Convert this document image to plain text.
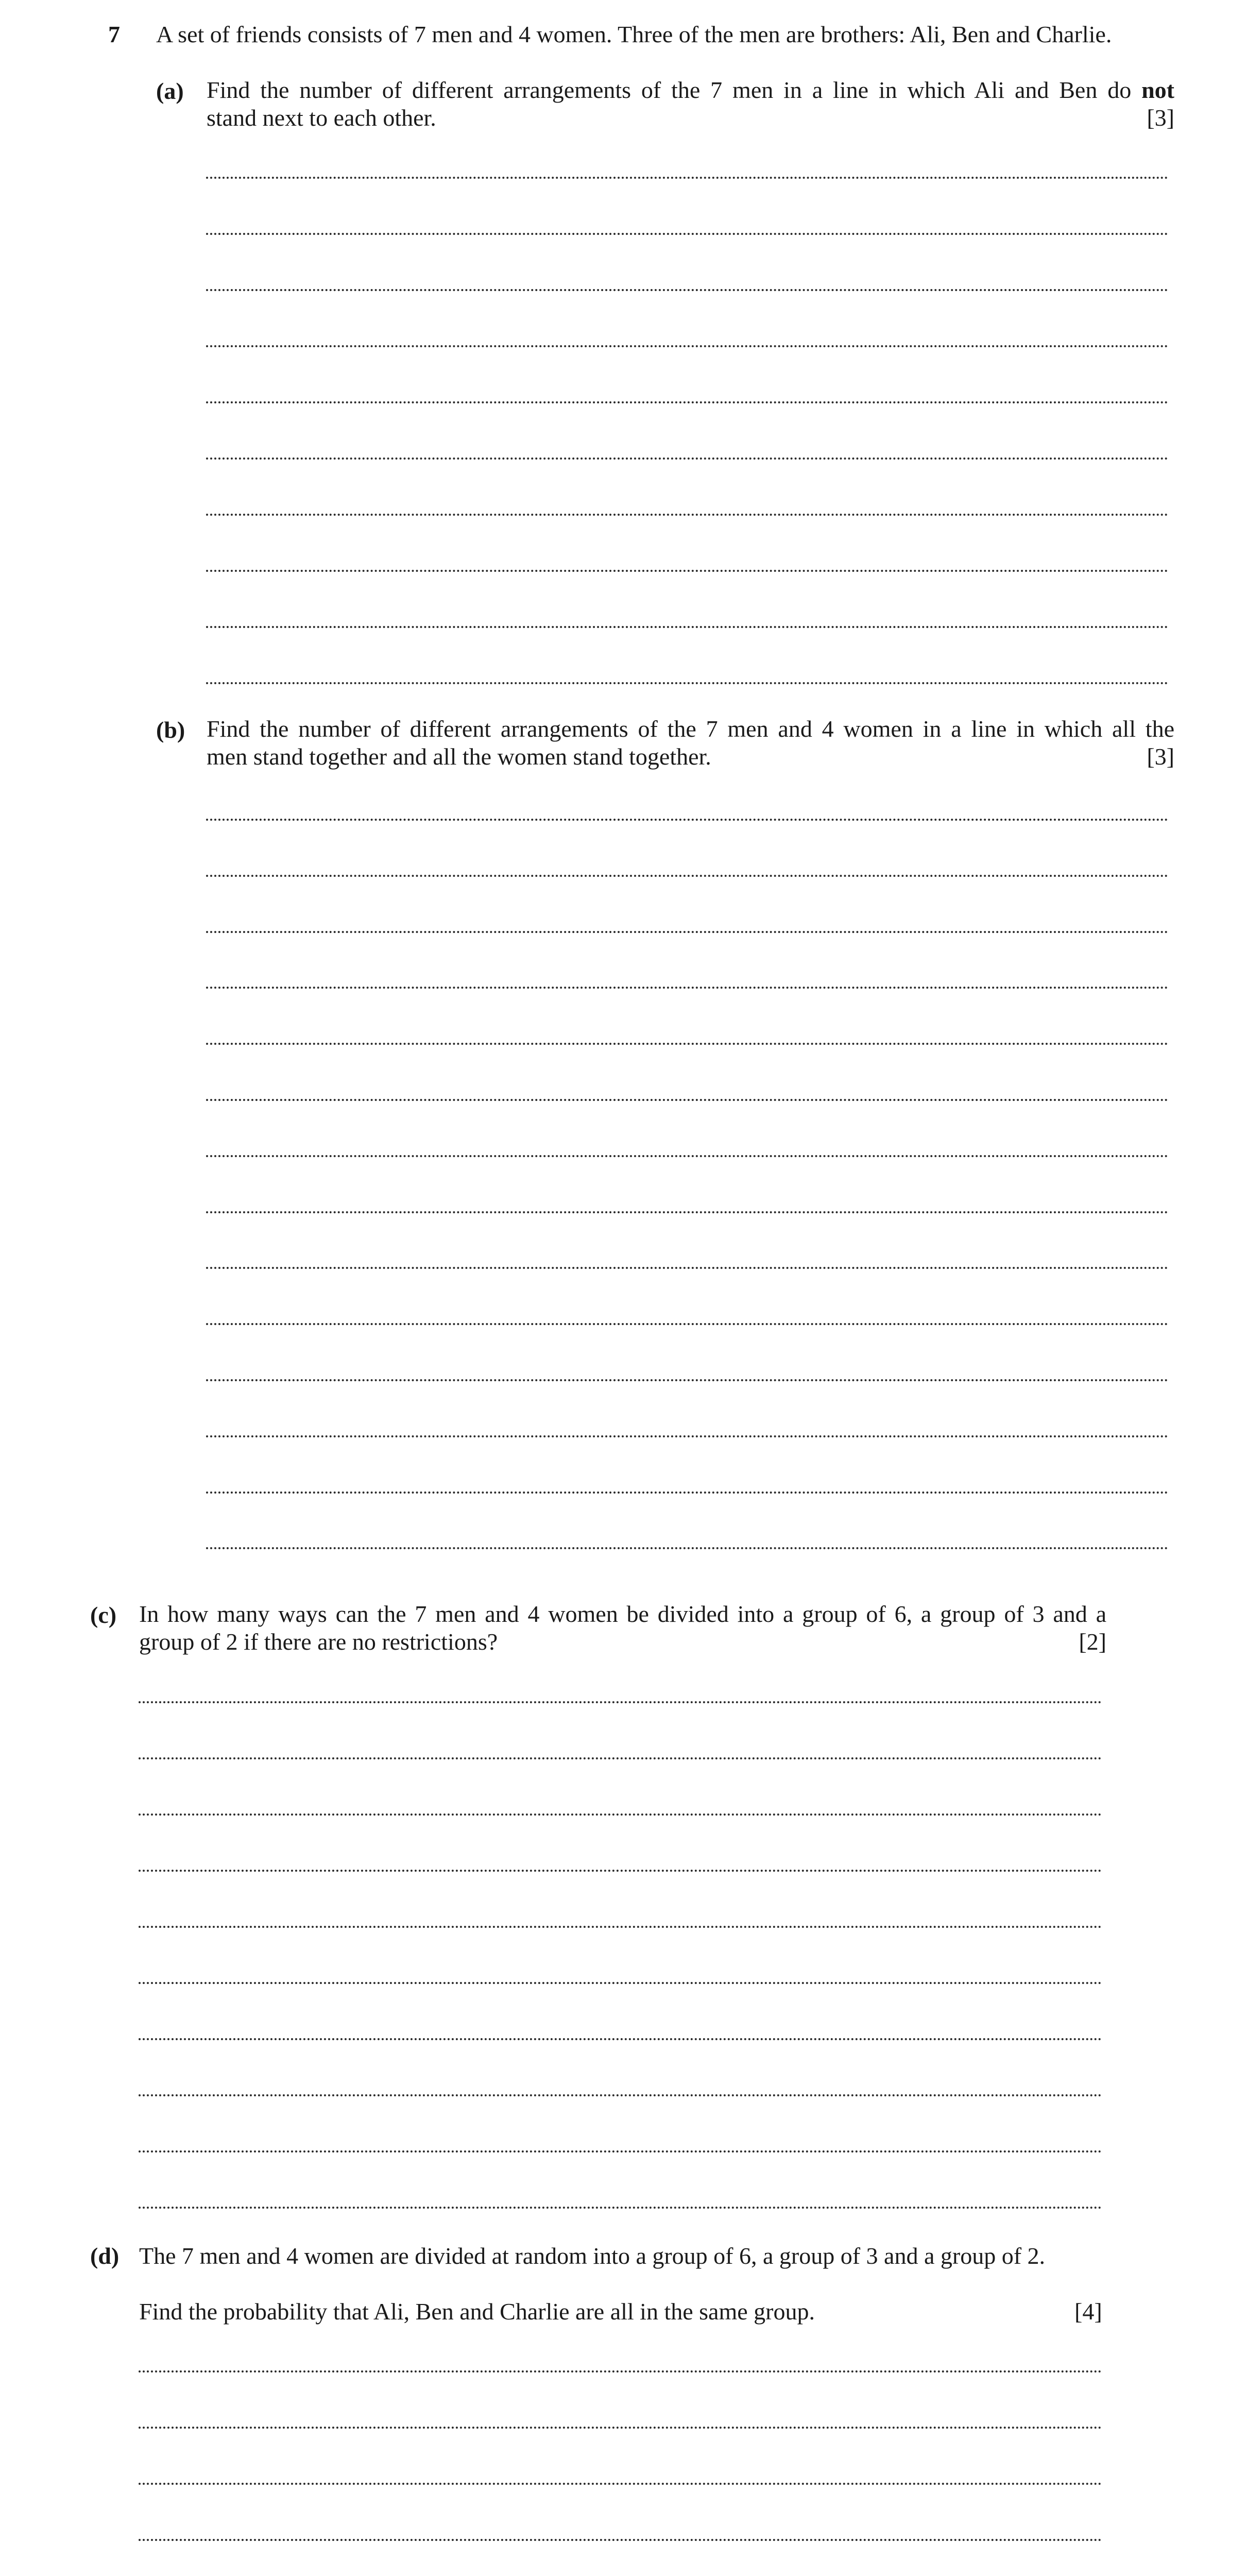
7 A set of friends consists of 7 men and 4 women. Three of the men are brothers: Ali, Ben and Charlie.
(a) Find the number of different arrangements of the 7 men in a line in which Ali and Ben do not
stand next to each other.	[3]
(b) Find the number of different arrangements of the 7 men and 4 women in a line in which all the
men stand together and all the women stand together.	[3]
(c) In how many ways can the 7 men and 4 women be divided into a group of 6, a group of 3 and a
group of 2 if there are no restrictions?	[2]
(d) The 7 men and 4 women are divided at random into a group of 6, a group of 3 and a group of 2.
Find the probability that Ali, Ben and Charlie are all in the same group.	[4]
